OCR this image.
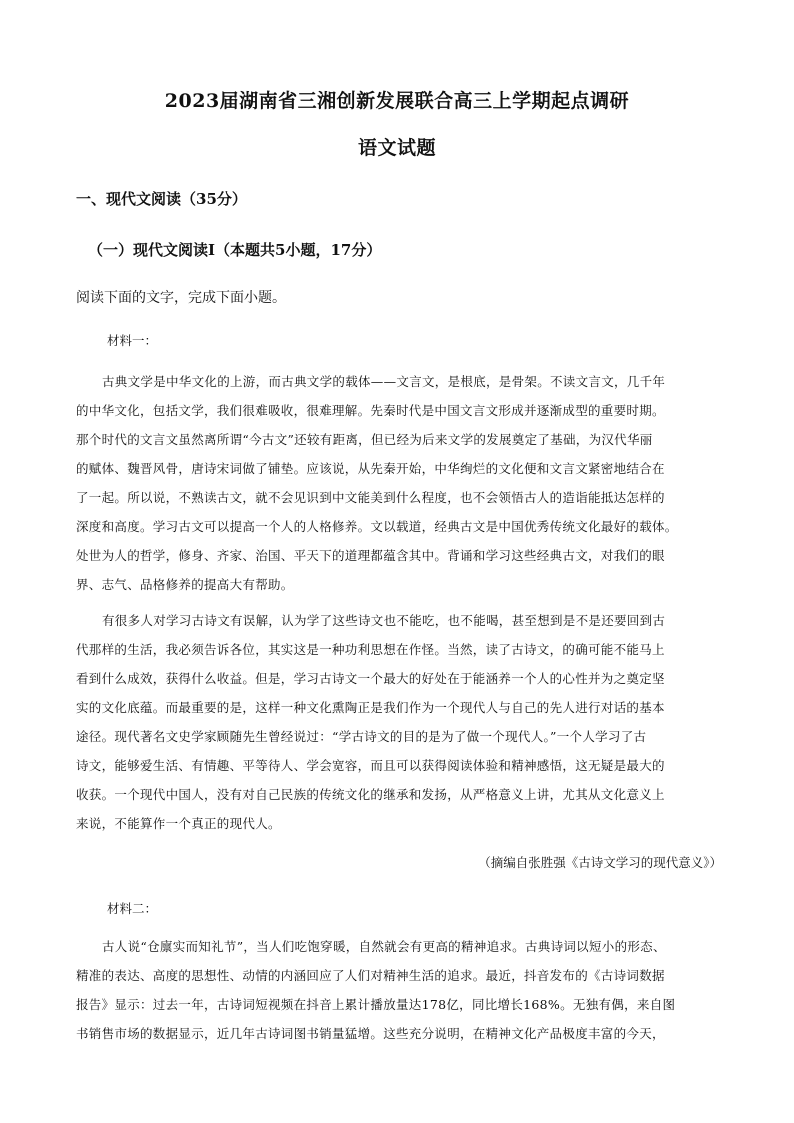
2023届湖南省三湘创新发展联合高三上学期起点调研
语文试题
一、现代文阅读（35分）
（一）现代文阅读Ⅰ（本题共5小题，17分）
阅读下面的文字，完成下面小题。
材料一：
古典文学是中华文化的上游，而古典文学的载体——文言文，是根底，是骨架。不读文言文，几千年
的中华文化，包括文学，我们很难吸收，很难理解。先秦时代是中国文言文形成并逐渐成型的重要时期。
那个时代的文言文虽然离所谓“今古文”还较有距离，但已经为后来文学的发展奠定了基础，为汉代华丽
的赋体、魏晋风骨，唐诗宋词做了铺垫。应该说，从先秦开始，中华绚烂的文化便和文言文紧密地结合在
了一起。所以说，不熟读古文，就不会见识到中文能美到什么程度，也不会领悟古人的造诣能抵达怎样的
深度和高度。学习古文可以提高一个人的人格修养。文以载道，经典古文是中国优秀传统文化最好的载体。
处世为人的哲学，修身、齐家、治国、平天下的道理都蕴含其中。背诵和学习这些经典古文，对我们的眼
界、志气、品格修养的提高大有帮助。
有很多人对学习古诗文有误解，认为学了这些诗文也不能吃，也不能喝，甚至想到是不是还要回到古
代那样的生活，我必须告诉各位，其实这是一种功利思想在作怪。当然，读了古诗文，的确可能不能马上
看到什么成效，获得什么收益。但是，学习古诗文一个最大的好处在于能涵养一个人的心性并为之奠定坚
实的文化底蕴。而最重要的是，这样一种文化熏陶正是我们作为一个现代人与自己的先人进行对话的基本
途径。现代著名文史学家顾随先生曾经说过：“学古诗文的目的是为了做一个现代人。”一个人学习了古
诗文，能够爱生活、有情趣、平等待人、学会宽容，而且可以获得阅读体验和精神感悟，这无疑是最大的
收获。一个现代中国人，没有对自己民族的传统文化的继承和发扬，从严格意义上讲，尤其从文化意义上
来说，不能算作一个真正的现代人。
（摘编自张胜强《古诗文学习的现代意义》）
材料二：
古人说“仓廪实而知礼节”，当人们吃饱穿暖，自然就会有更高的精神追求。古典诗词以短小的形态、
精准的表达、高度的思想性、动情的内涵回应了人们对精神生活的追求。最近，抖音发布的《古诗词数据
报告》显示：过去一年，古诗词短视频在抖音上累计播放量达178亿，同比增长168%。无独有偶，来自图
书销售市场的数据显示，近几年古诗词图书销量猛增。这些充分说明，在精神文化产品极度丰富的今天，
